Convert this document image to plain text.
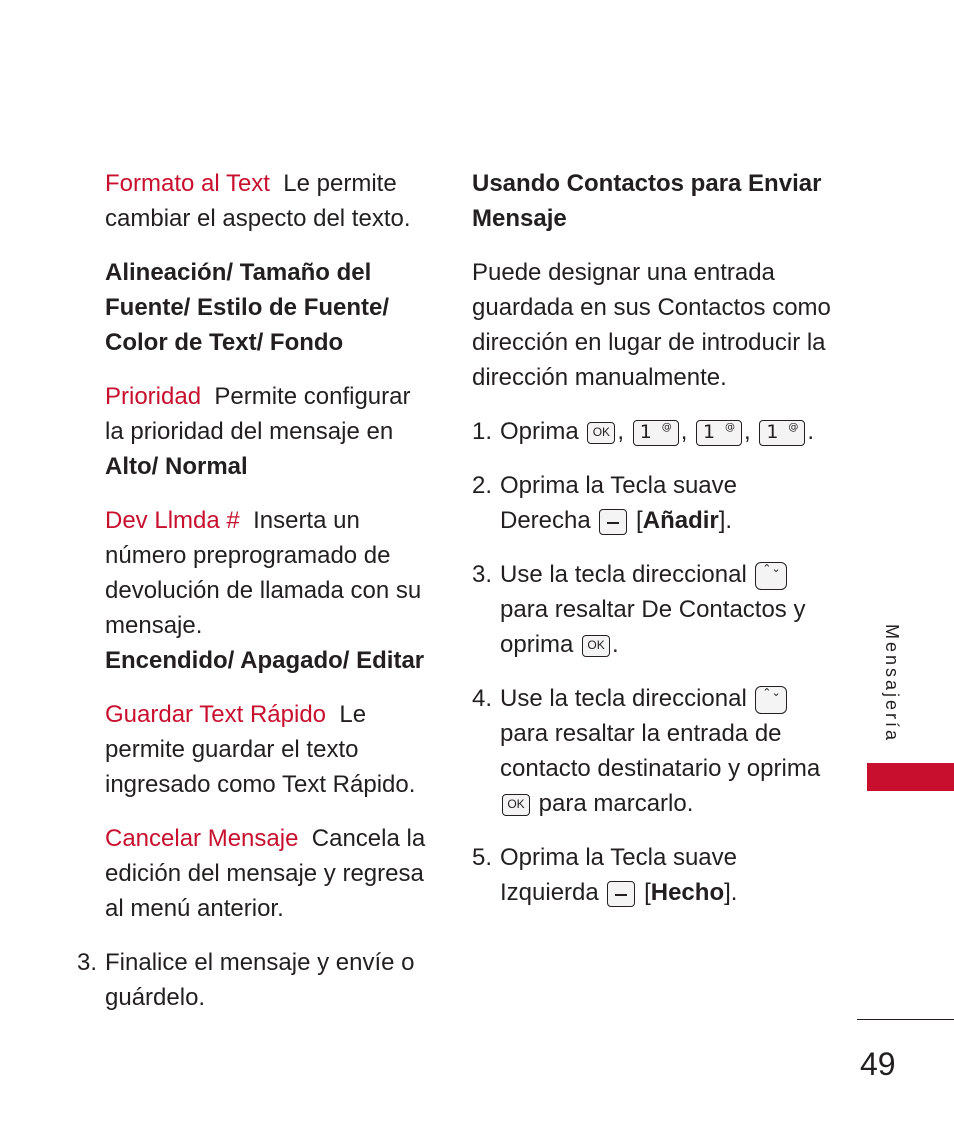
Formato al Text Le permite cambiar el aspecto del texto.

Alineación/ Tamaño del Fuente/ Estilo de Fuente/ Color de Text/ Fondo

Prioridad Permite configurar la prioridad del mensaje en Alto/ Normal

Dev Llmda # Inserta un número preprogramado de devolución de llamada con su mensaje.

Encendido/ Apagado/ Editar

Guardar Text Rápido Le permite guardar el texto ingresado como Text Rápido.

Cancelar Mensaje Cancela la edición del mensaje y regresa al menú anterior.

3. Finalice el mensaje y envíe o guárdelo.

Usando Contactos para Enviar Mensaje

Puede designar una entrada guardada en sus Contactos como dirección en lugar de introducir la dirección manualmente.

1. Oprima OK , 1 @ , 1 @ , 1 @ .
2. Oprima la Tecla suave Derecha  [Añadir].
3. Use la tecla direccional ⌃⌄ para resaltar De Contactos y oprima OK .
4. Use la tecla direccional ⌃⌄ para resaltar la entrada de contacto destinatario y oprima OK para marcarlo.
5. Oprima la Tecla suave Izquierda  [Hecho].
Mensajería
49
